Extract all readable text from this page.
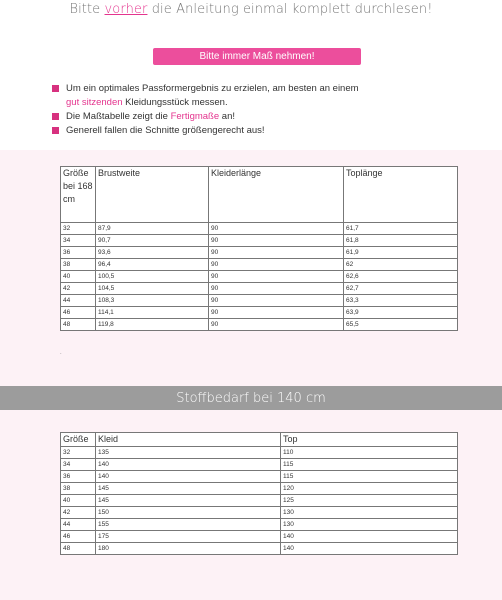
Bitte vorher die Anleitung einmal komplett durchlesen!
Bitte immer Maß nehmen!
Um ein optimales Passformergebnis zu erzielen, am besten an einem
gut sitzenden Kleidungsstück messen.
Die Maßtabelle zeigt die Fertigmaße an!
Generell fallen die Schnitte größengerecht aus!
Größe bei 168 cm	Brustweite	Kleiderlänge	Toplänge
32	87,9	90	61,7
34	90,7	90	61,8
36	93,6	90	61,9
38	96,4	90	62
40	100,5	90	62,6
42	104,5	90	62,7
44	108,3	90	63,3
46	114,1	90	63,9
48	119,8	90	65,5
.
Stoffbedarf bei 140 cm
Größe	Kleid	Top
32	135	110
34	140	115
36	140	115
38	145	120
40	145	125
42	150	130
44	155	130
46	175	140
48	180	140
